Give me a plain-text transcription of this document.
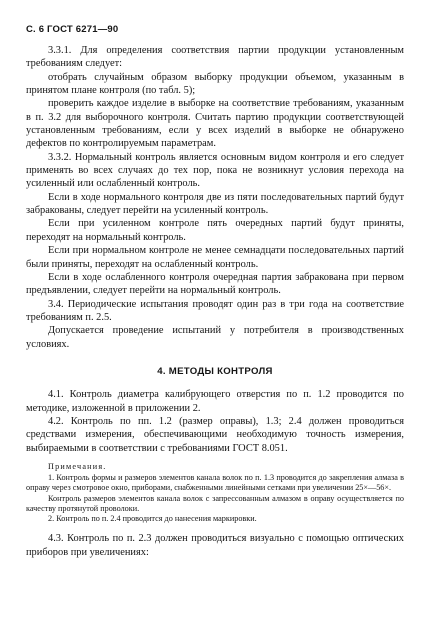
С. 6 ГОСТ 6271—90

3.3.1. Для определения соответствия партии продукции установленным требованиям следует:

отобрать случайным образом выборку продукции объемом, указанным в принятом плане контроля (по табл. 5);

проверить каждое изделие в выборке на соответствие требованиям, указанным в п. 3.2 для выборочного контроля. Считать партию продукции соответствующей установленным требованиям, если у всех изделий в выборке не обнаружено дефектов по контролируемым параметрам.

3.3.2. Нормальный контроль является основным видом контроля и его следует применять во всех случаях до тех пор, пока не возникнут условия перехода на усиленный или ослабленный контроль.

Если в ходе нормального контроля две из пяти последовательных партий будут забракованы, следует перейти на усиленный контроль.

Если при усиленном контроле пять очередных партий будут приняты, переходят на нормальный контроль.

Если при нормальном контроле не менее семнадцати последовательных партий были приняты, переходят на ослабленный контроль.

Если в ходе ослабленного контроля очередная партия забракована при первом предъявлении, следует перейти на нормальный контроль.

3.4. Периодические испытания проводят один раз в три года на соответствие требованиям п. 2.5.

Допускается проведение испытаний у потребителя в производственных условиях.

4. МЕТОДЫ КОНТРОЛЯ

4.1. Контроль диаметра калибрующего отверстия по п. 1.2 проводится по методике, изложенной в приложении 2.

4.2. Контроль по пп. 1.2 (размер оправы), 1.3; 2.4 должен проводиться средствами измерения, обеспечивающими необходимую точность измерения, выбираемыми в соответствии с требованиями ГОСТ 8.051.

Примечания.

1. Контроль формы и размеров элементов канала волок по п. 1.3 проводится до закрепления алмаза в оправу через смотровое окно, приборами, снабженными линейными сетками при увеличении 25×—56×.

Контроль размеров элементов канала волок с запрессованным алмазом в оправу осуществляется по качеству протянутой проволоки.

2. Контроль по п. 2.4 проводится до нанесения маркировки.

4.3. Контроль по п. 2.3 должен проводиться визуально с помощью оптических приборов при увеличениях:
